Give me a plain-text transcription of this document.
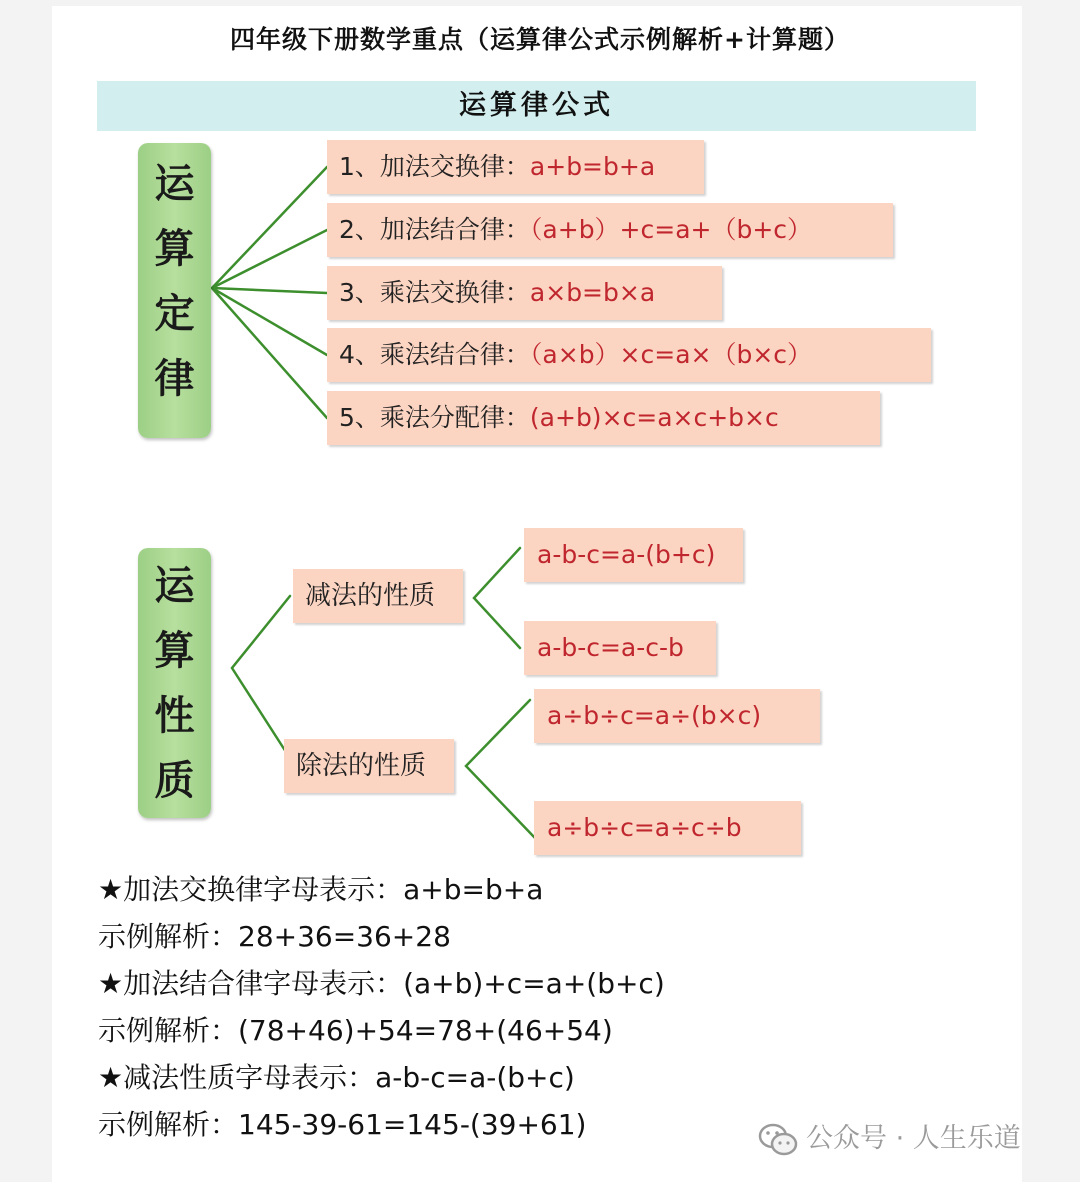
四年级下册数学重点（运算律公式示例解析+计算题）
运算律公式
运
算
定
律
1、加法交换律：a+b=b+a
2、加法结合律：（a+b）+c=a+（b+c）
3、乘法交换律：a×b=b×a
4、乘法结合律：（a×b）×c=a×（b×c）
5、乘法分配律：(a+b)×c=a×c+b×c
运
算
性
质
减法的性质
除法的性质
a-b-c=a-(b+c)
a-b-c=a-c-b
a÷b÷c=a÷(b×c)
a÷b÷c=a÷c÷b
★加法交换律字母表示：a+b=b+a
示例解析：28+36=36+28
★加法结合律字母表示：(a+b)+c=a+(b+c)
示例解析：(78+46)+54=78+(46+54)
★减法性质字母表示：a-b-c=a-(b+c)
示例解析：145-39-61=145-(39+61)	公众号 · 人生乐道
